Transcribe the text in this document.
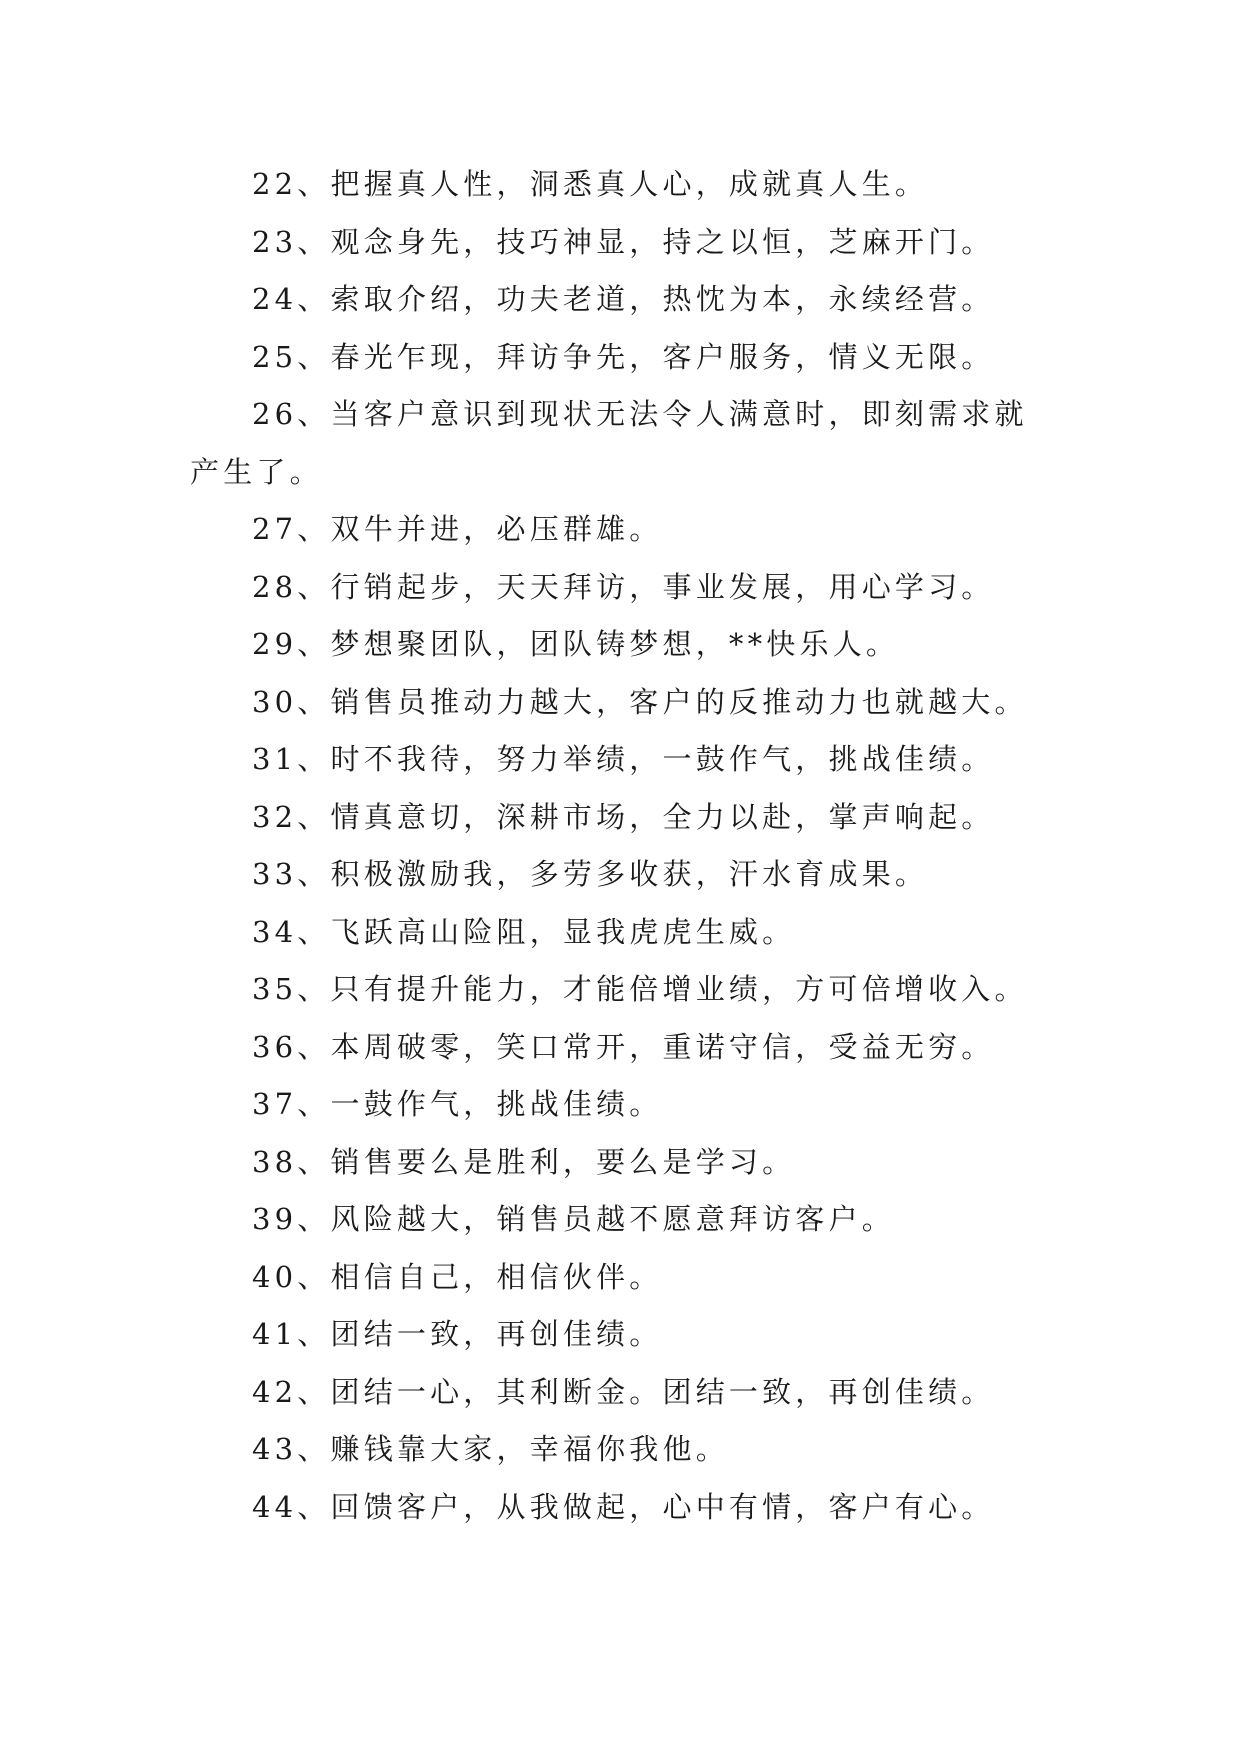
22、把握真人性，洞悉真人心，成就真人生。

23、观念身先，技巧神显，持之以恒，芝麻开门。

24、索取介绍，功夫老道，热忱为本，永续经营。

25、春光乍现，拜访争先，客户服务，情义无限。

26、当客户意识到现状无法令人满意时，即刻需求就产生了。

27、双牛并进，必压群雄。

28、行销起步，天天拜访，事业发展，用心学习。

29、梦想聚团队，团队铸梦想，**快乐人。

30、销售员推动力越大，客户的反推动力也就越大。

31、时不我待，努力举绩，一鼓作气，挑战佳绩。

32、情真意切，深耕市场，全力以赴，掌声响起。

33、积极激励我，多劳多收获，汗水育成果。

34、飞跃高山险阻，显我虎虎生威。

35、只有提升能力，才能倍增业绩，方可倍增收入。

36、本周破零，笑口常开，重诺守信，受益无穷。

37、一鼓作气，挑战佳绩。

38、销售要么是胜利，要么是学习。

39、风险越大，销售员越不愿意拜访客户。

40、相信自己，相信伙伴。

41、团结一致，再创佳绩。

42、团结一心，其利断金。团结一致，再创佳绩。

43、赚钱靠大家，幸福你我他。

44、回馈客户，从我做起，心中有情，客户有心。
